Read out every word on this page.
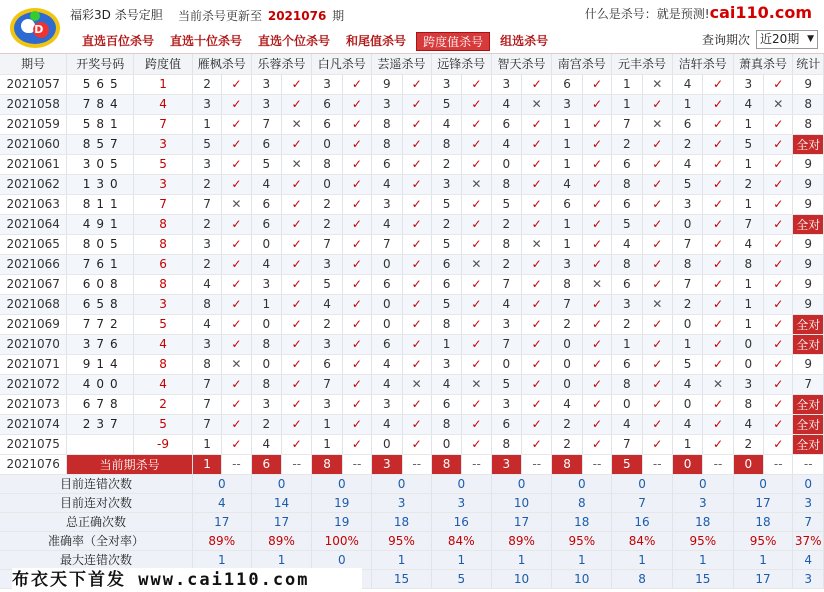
3D
福彩3D 杀号定胆 当前杀号更新至 2021076 期	什么是杀号：就是预测!cai110.com
直选百位杀号	直选十位杀号	直选个位杀号	和尾值杀号	跨度值杀号	组选杀号	查询期次 近20期 ▼
期号	开奖号码	跨度值	雁枫杀号		乐蓉杀号		白凡杀号		芸遥杀号		远锋杀号		智天杀号		南宫杀号		元丰杀号		洁轩杀号		萧真杀号		统计
2021057	565	1	2	✓	3	✓	3	✓	9	✓	3	✓	3	✓	6	✓	1	✕	4	✓	3	✓	9
2021058	784	4	3	✓	3	✓	6	✓	3	✓	5	✓	4	✕	3	✓	1	✓	1	✓	4	✕	8
2021059	581	7	1	✓	7	✕	6	✓	8	✓	4	✓	6	✓	1	✓	7	✕	6	✓	1	✓	8
2021060	857	3	5	✓	6	✓	0	✓	8	✓	8	✓	4	✓	1	✓	2	✓	2	✓	5	✓	全对
2021061	305	5	3	✓	5	✕	8	✓	6	✓	2	✓	0	✓	1	✓	6	✓	4	✓	1	✓	9
2021062	130	3	2	✓	4	✓	0	✓	4	✓	3	✕	8	✓	4	✓	8	✓	5	✓	2	✓	9
2021063	811	7	7	✕	6	✓	2	✓	3	✓	5	✓	5	✓	6	✓	6	✓	3	✓	1	✓	9
2021064	491	8	2	✓	6	✓	2	✓	4	✓	2	✓	2	✓	1	✓	5	✓	0	✓	7	✓	全对
2021065	805	8	3	✓	0	✓	7	✓	7	✓	5	✓	8	✕	1	✓	4	✓	7	✓	4	✓	9
2021066	761	6	2	✓	4	✓	3	✓	0	✓	6	✕	2	✓	3	✓	8	✓	8	✓	8	✓	9
2021067	608	8	4	✓	3	✓	5	✓	6	✓	6	✓	7	✓	8	✕	6	✓	7	✓	1	✓	9
2021068	658	3	8	✓	1	✓	4	✓	0	✓	5	✓	4	✓	7	✓	3	✕	2	✓	1	✓	9
2021069	772	5	4	✓	0	✓	2	✓	0	✓	8	✓	3	✓	2	✓	2	✓	0	✓	1	✓	全对
2021070	376	4	3	✓	8	✓	3	✓	6	✓	1	✓	7	✓	0	✓	1	✓	1	✓	0	✓	全对
2021071	914	8	8	✕	0	✓	6	✓	4	✓	3	✓	0	✓	0	✓	6	✓	5	✓	0	✓	9
2021072	400	4	7	✓	8	✓	7	✓	4	✕	4	✕	5	✓	0	✓	8	✓	4	✕	3	✓	7
2021073	678	2	7	✓	3	✓	3	✓	3	✓	6	✓	3	✓	4	✓	0	✓	0	✓	8	✓	全对
2021074	237	5	7	✓	2	✓	1	✓	4	✓	8	✓	6	✓	2	✓	4	✓	4	✓	4	✓	全对
2021075		-9	1	✓	4	✓	1	✓	0	✓	0	✓	8	✓	2	✓	7	✓	1	✓	2	✓	全对
2021076	当前期杀号		1	--	6	--	8	--	3	--	8	--	3	--	8	--	5	--	0	--	0	--	--
目前连错次数			0		0		0		0		0		0		0		0		0		0		0
目前连对次数			4		14		19		3		3		10		8		7		3		17		3
总正确次数			17		17		19		18		16		17		18		16		18		18		7
准确率（全对率）			89%		89%		100%		95%		84%		89%		95%		84%		95%		95%		37%
最大连错次数			1		1		0		1		1		1		1		1		1		1		4
									15		5		10		10		8		15		17		3
布衣天下首发 www.cai110.com
